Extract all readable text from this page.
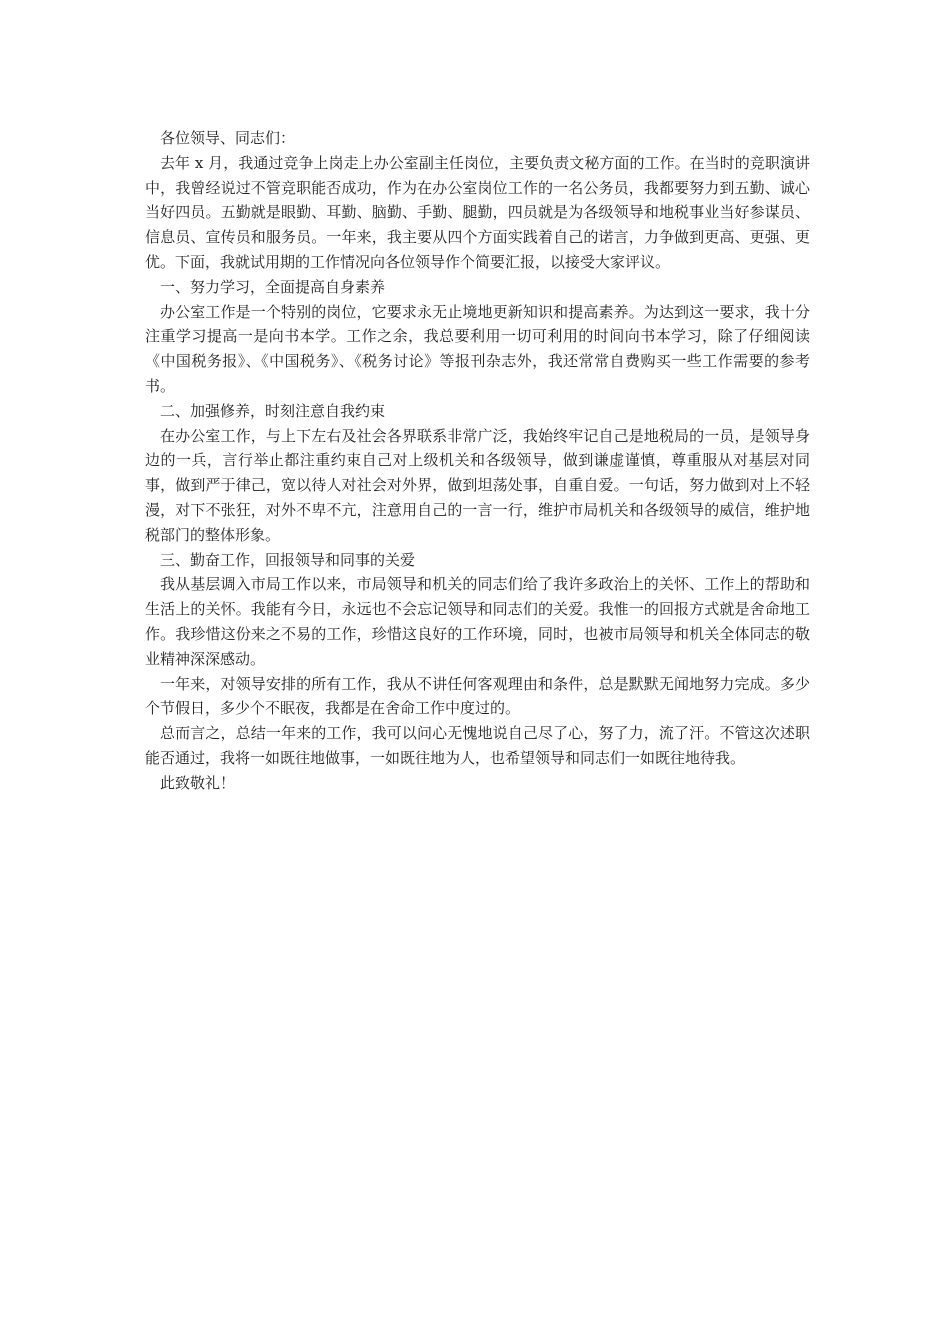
各位领导、同志们：

去年 x 月，我通过竞争上岗走上办公室副主任岗位，主要负责文秘方面的工作。在当时的竞职演讲中，我曾经说过不管竞职能否成功，作为在办公室岗位工作的一名公务员，我都要努力到五勤、诚心当好四员。五勤就是眼勤、耳勤、脑勤、手勤、腿勤，四员就是为各级领导和地税事业当好参谋员、信息员、宣传员和服务员。一年来，我主要从四个方面实践着自己的诺言，力争做到更高、更强、更优。下面，我就试用期的工作情况向各位领导作个简要汇报，以接受大家评议。

一、努力学习，全面提高自身素养

办公室工作是一个特别的岗位，它要求永无止境地更新知识和提高素养。为达到这一要求，我十分注重学习提高一是向书本学。工作之余，我总要利用一切可利用的时间向书本学习，除了仔细阅读《中国税务报》、《中国税务》、《税务讨论》等报刊杂志外，我还常常自费购买一些工作需要的参考书。

二、加强修养，时刻注意自我约束

在办公室工作，与上下左右及社会各界联系非常广泛，我始终牢记自己是地税局的一员，是领导身边的一兵，言行举止都注重约束自己对上级机关和各级领导，做到谦虚谨慎，尊重服从对基层对同事，做到严于律己，宽以待人对社会对外界，做到坦荡处事，自重自爱。一句话，努力做到对上不轻漫，对下不张狂，对外不卑不亢，注意用自己的一言一行，维护市局机关和各级领导的威信，维护地税部门的整体形象。

三、勤奋工作，回报领导和同事的关爱

我从基层调入市局工作以来，市局领导和机关的同志们给了我许多政治上的关怀、工作上的帮助和生活上的关怀。我能有今日，永远也不会忘记领导和同志们的关爱。我惟一的回报方式就是舍命地工作。我珍惜这份来之不易的工作，珍惜这良好的工作环境，同时，也被市局领导和机关全体同志的敬业精神深深感动。

一年来，对领导安排的所有工作，我从不讲任何客观理由和条件，总是默默无闻地努力完成。多少个节假日，多少个不眠夜，我都是在舍命工作中度过的。

总而言之，总结一年来的工作，我可以问心无愧地说自己尽了心，努了力，流了汗。不管这次述职能否通过，我将一如既往地做事，一如既往地为人，也希望领导和同志们一如既往地待我。

此致敬礼！
